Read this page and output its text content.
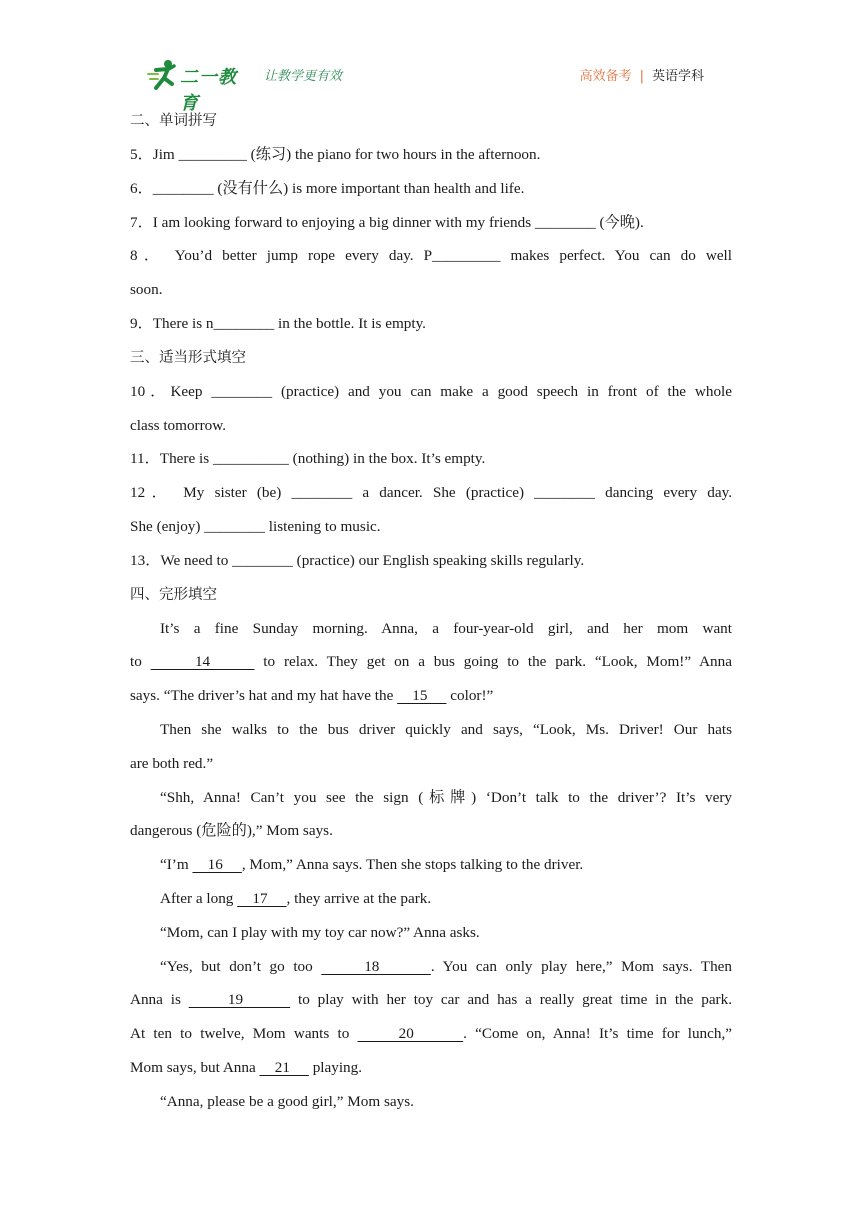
二一教育
让教学更有效	高效备考 | 英语学科

二、单词拼写

5．Jim _________ (练习) the piano for two hours in the afternoon.

6．________ (没有什么) is more important than health and life.

7．I am looking forward to enjoying a big dinner with my friends ________ (今晚).

8． You’d better jump rope every day. P_________ makes perfect. You can do well

soon.

9．There is n________ in the bottle. It is empty.

三、适当形式填空

10．Keep ________ (practice) and you can make a good speech in front of the whole

class tomorrow.

11．There is __________ (nothing) in the box. It’s empty.

12． My sister (be) ________ a dancer. She (practice) ________ dancing every day.

She (enjoy) ________ listening to music.

13．We need to ________ (practice) our English speaking skills regularly.

四、完形填空

It’s a fine Sunday morning. Anna, a four-year-old girl, and her mom want

to      14      to relax. They get on a bus going to the park. “Look, Mom!” Anna

says. “The driver’s hat and my hat have the     15      color!”

Then she walks to the bus driver quickly and says, “Look, Ms. Driver! Our hats

are both red.”

“Shh, Anna! Can’t you see the sign (标牌) ‘Don’t talk to the driver’? It’s very

dangerous (危险的),” Mom says.

“I’m     16     , Mom,” Anna says. Then she stops talking to the driver.

After a long     17     , they arrive at the park.

“Mom, can I play with my toy car now?” Anna asks.

“Yes, but don’t go too      18      . You can only play here,” Mom says. Then

Anna is      19       to play with her toy car and has a really great time in the park.

At ten to twelve, Mom wants to      20      . “Come on, Anna! It’s time for lunch,”

Mom says, but Anna     21      playing.

“Anna, please be a good girl,” Mom says.
